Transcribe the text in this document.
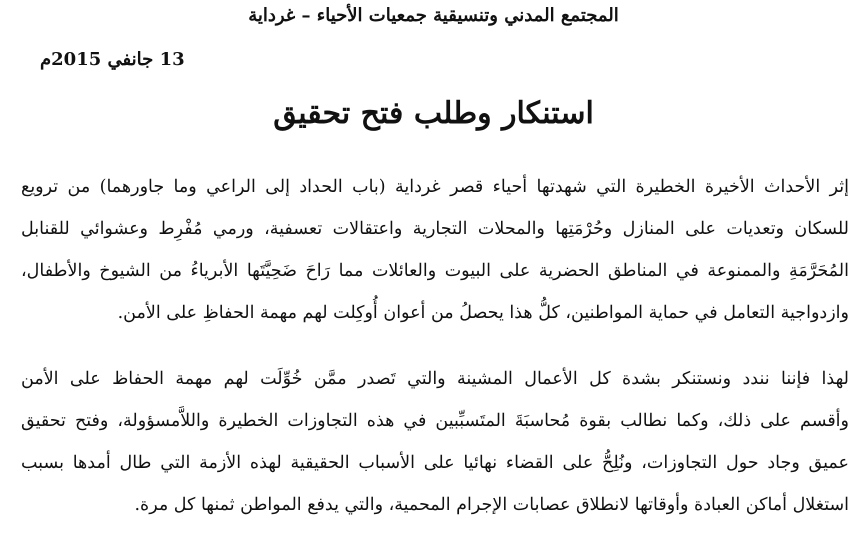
المجتمع المدني وتنسيقية جمعيات الأحياء – غرداية
13 جانفي 2015م
استنكار وطلب فتح تحقيق
إثر الأحداث الأخيرة الخطيرة التي شهدتها أحياء قصر غرداية (باب الحداد إلى الراعي وما جاورهما) من ترويع
للسكان وتعديات على المنازل وحُرْمَتِها والمحلات التجارية واعتقالات تعسفية، ورمي مُفْرِط وعشوائي للقنابل
المُحَرَّمَةِ والممنوعة في المناطق الحضرية على البيوت والعائلات مما رَاحَ ضَحِيَّتَها الأبرياءُ من الشيوخ والأطفال،
وازدواجية التعامل في حماية المواطنين، كلُّ هذا يحصلُ من أعوان أُوكِلت لهم مهمة الحفاظِ على الأمن.
لهذا فإننا نندد ونستنكر بشدة كل الأعمال المشينة والتي تَصدر ممَّن خُوِّلَت لهم مهمة الحفاظ على الأمن
وأقسم على ذلك، وكما نطالب بقوة مُحاسبَةَ المتَسبِّبين في هذه التجاوزات الخطيرة واللاَّمسؤولة، وفتح تحقيق
عميق وجاد حول التجاوزات، ونُلِحُّ على القضاء نهائيا على الأسباب الحقيقية لهذه الأزمة التي طال أمدها بسبب
استغلال أماكن العبادة وأوقاتها لانطلاق عصابات الإجرام المحمية، والتي يدفع المواطن ثمنها كل مرة.
